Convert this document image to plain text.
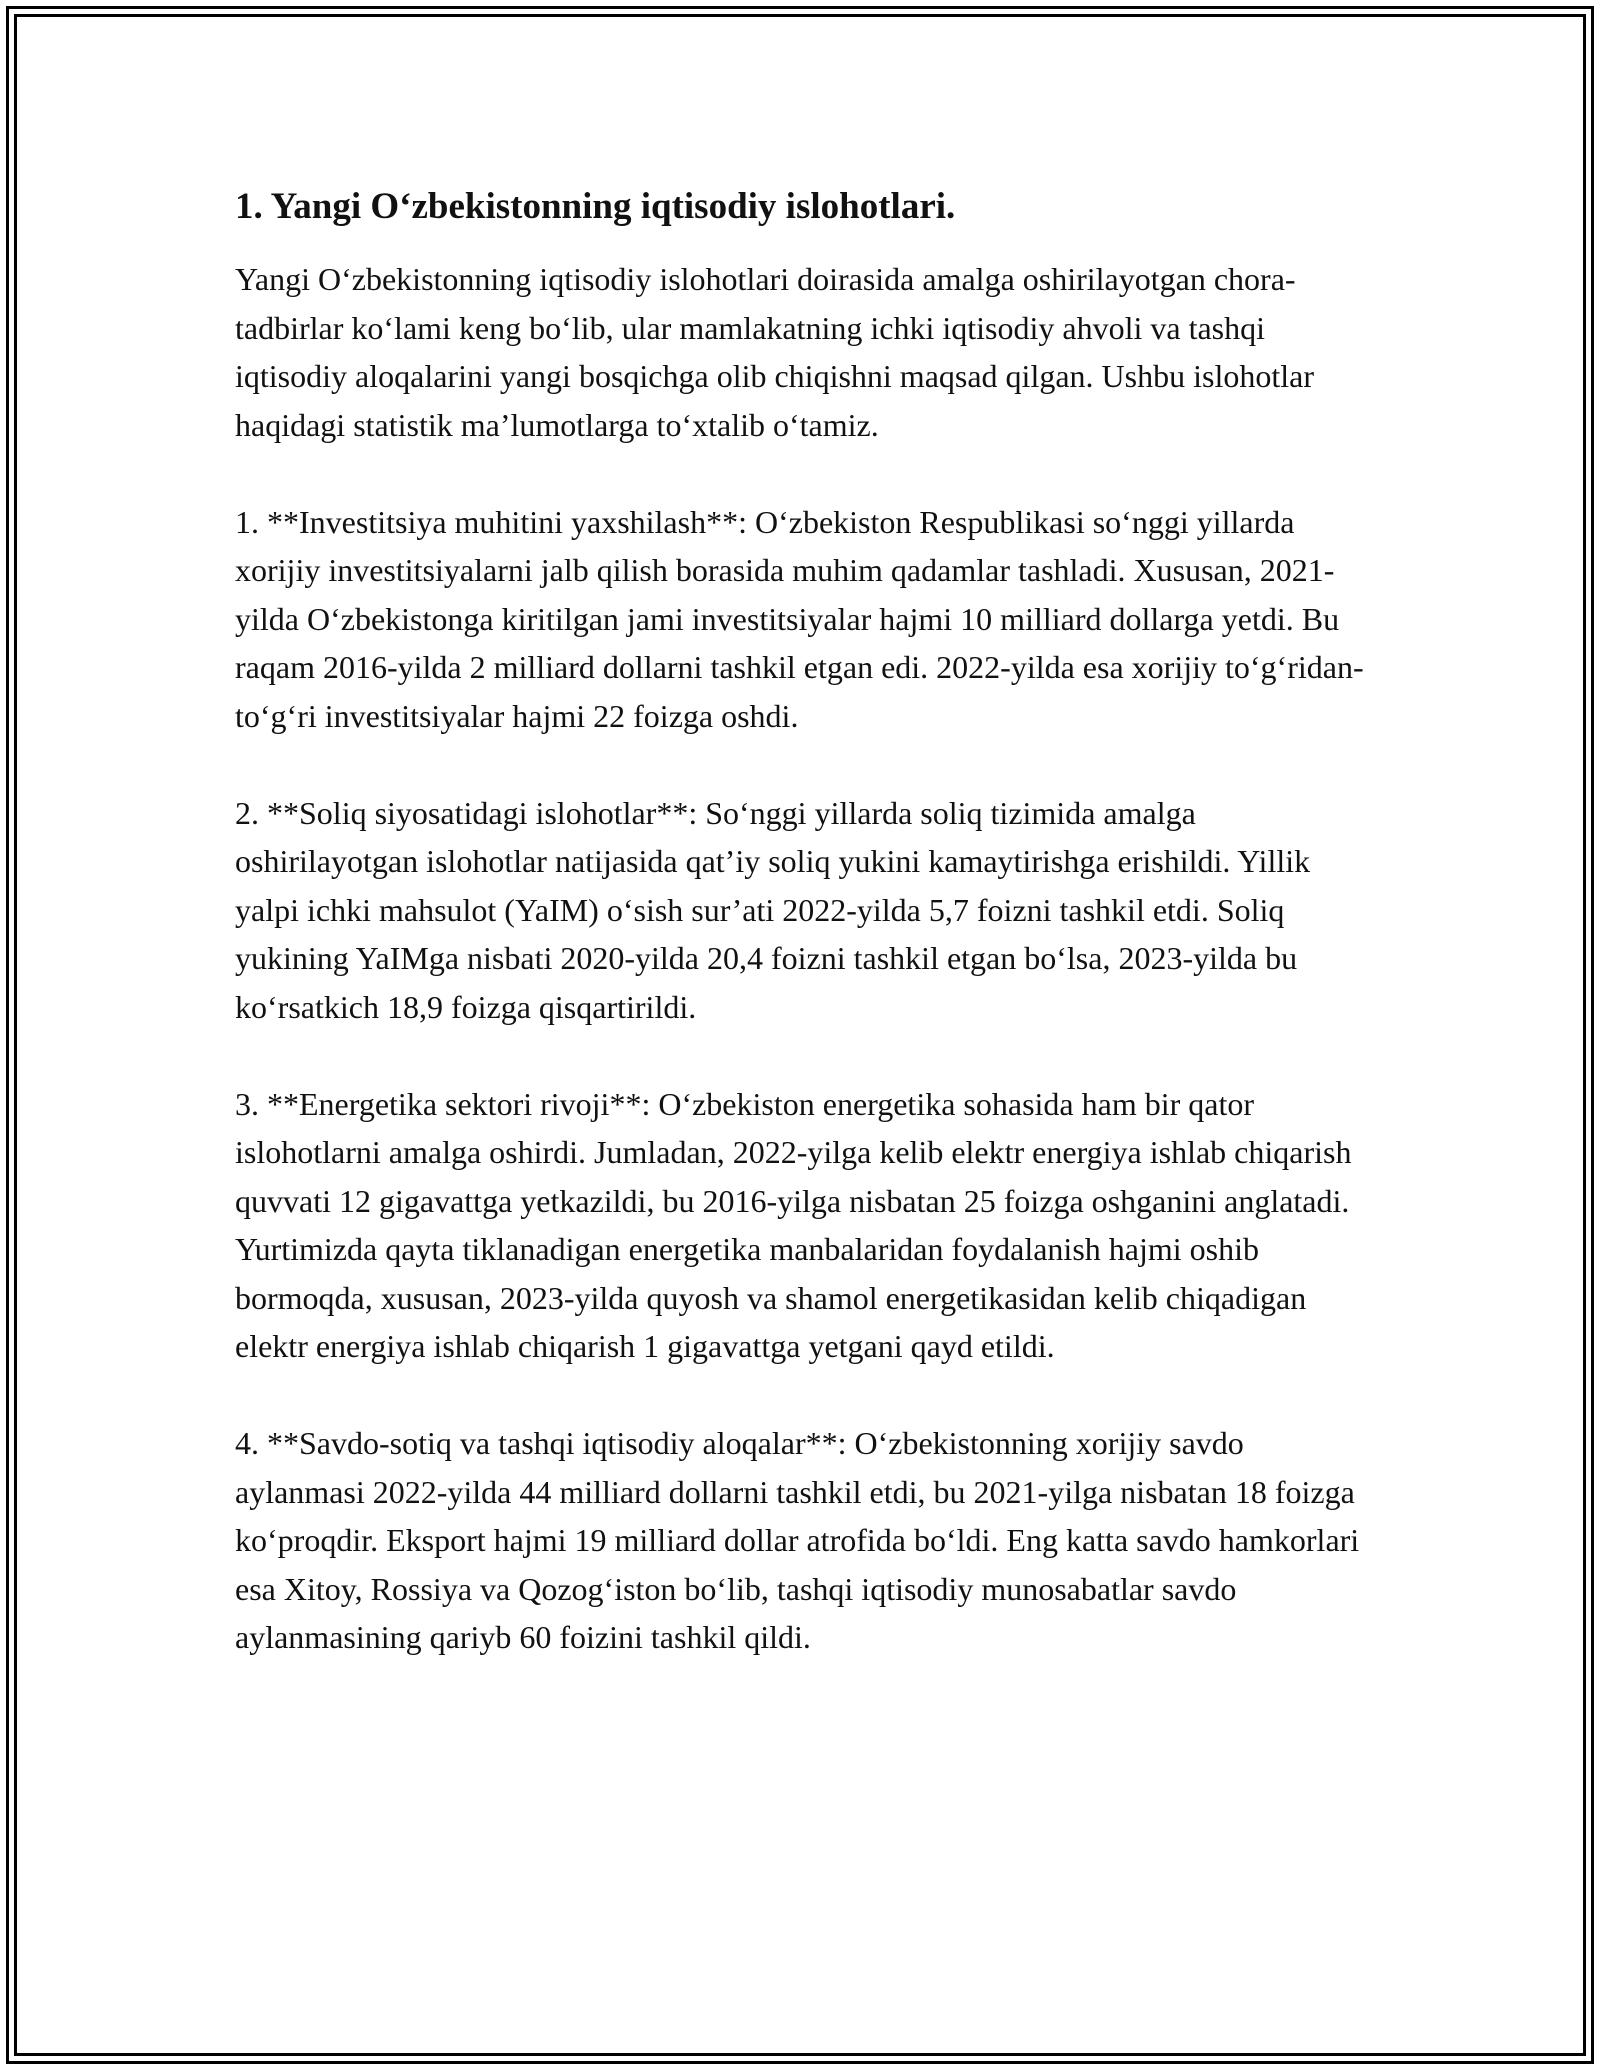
1. Yangi O‘zbekistonning iqtisodiy islohotlari.

Yangi O‘zbekistonning iqtisodiy islohotlari doirasida amalga oshirilayotgan chora-tadbirlar ko‘lami keng bo‘lib, ular mamlakatning ichki iqtisodiy ahvoli va tashqi iqtisodiy aloqalarini yangi bosqichga olib chiqishni maqsad qilgan. Ushbu islohotlar haqidagi statistik ma’lumotlarga to‘xtalib o‘tamiz.

1. **Investitsiya muhitini yaxshilash**: O‘zbekiston Respublikasi so‘nggi yillarda xorijiy investitsiyalarni jalb qilish borasida muhim qadamlar tashladi. Xususan, 2021-yilda O‘zbekistonga kiritilgan jami investitsiyalar hajmi 10 milliard dollarga yetdi. Bu raqam 2016-yilda 2 milliard dollarni tashkil etgan edi. 2022-yilda esa xorijiy to‘g‘ridan-to‘g‘ri investitsiyalar hajmi 22 foizga oshdi.

2. **Soliq siyosatidagi islohotlar**: So‘nggi yillarda soliq tizimida amalga oshirilayotgan islohotlar natijasida qat’iy soliq yukini kamaytirishga erishildi. Yillik yalpi ichki mahsulot (YaIM) o‘sish sur’ati 2022-yilda 5,7 foizni tashkil etdi. Soliq yukining YaIMga nisbati 2020-yilda 20,4 foizni tashkil etgan bo‘lsa, 2023-yilda bu ko‘rsatkich 18,9 foizga qisqartirildi.

3. **Energetika sektori rivoji**: O‘zbekiston energetika sohasida ham bir qator islohotlarni amalga oshirdi. Jumladan, 2022-yilga kelib elektr energiya ishlab chiqarish quvvati 12 gigavattga yetkazildi, bu 2016-yilga nisbatan 25 foizga oshganini anglatadi. Yurtimizda qayta tiklanadigan energetika manbalaridan foydalanish hajmi oshib bormoqda, xususan, 2023-yilda quyosh va shamol energetikasidan kelib chiqadigan elektr energiya ishlab chiqarish 1 gigavattga yetgani qayd etildi.

4. **Savdo-sotiq va tashqi iqtisodiy aloqalar**: O‘zbekistonning xorijiy savdo aylanmasi 2022-yilda 44 milliard dollarni tashkil etdi, bu 2021-yilga nisbatan 18 foizga ko‘proqdir. Eksport hajmi 19 milliard dollar atrofida bo‘ldi. Eng katta savdo hamkorlari esa Xitoy, Rossiya va Qozog‘iston bo‘lib, tashqi iqtisodiy munosabatlar savdo aylanmasining qariyb 60 foizini tashkil qildi.
